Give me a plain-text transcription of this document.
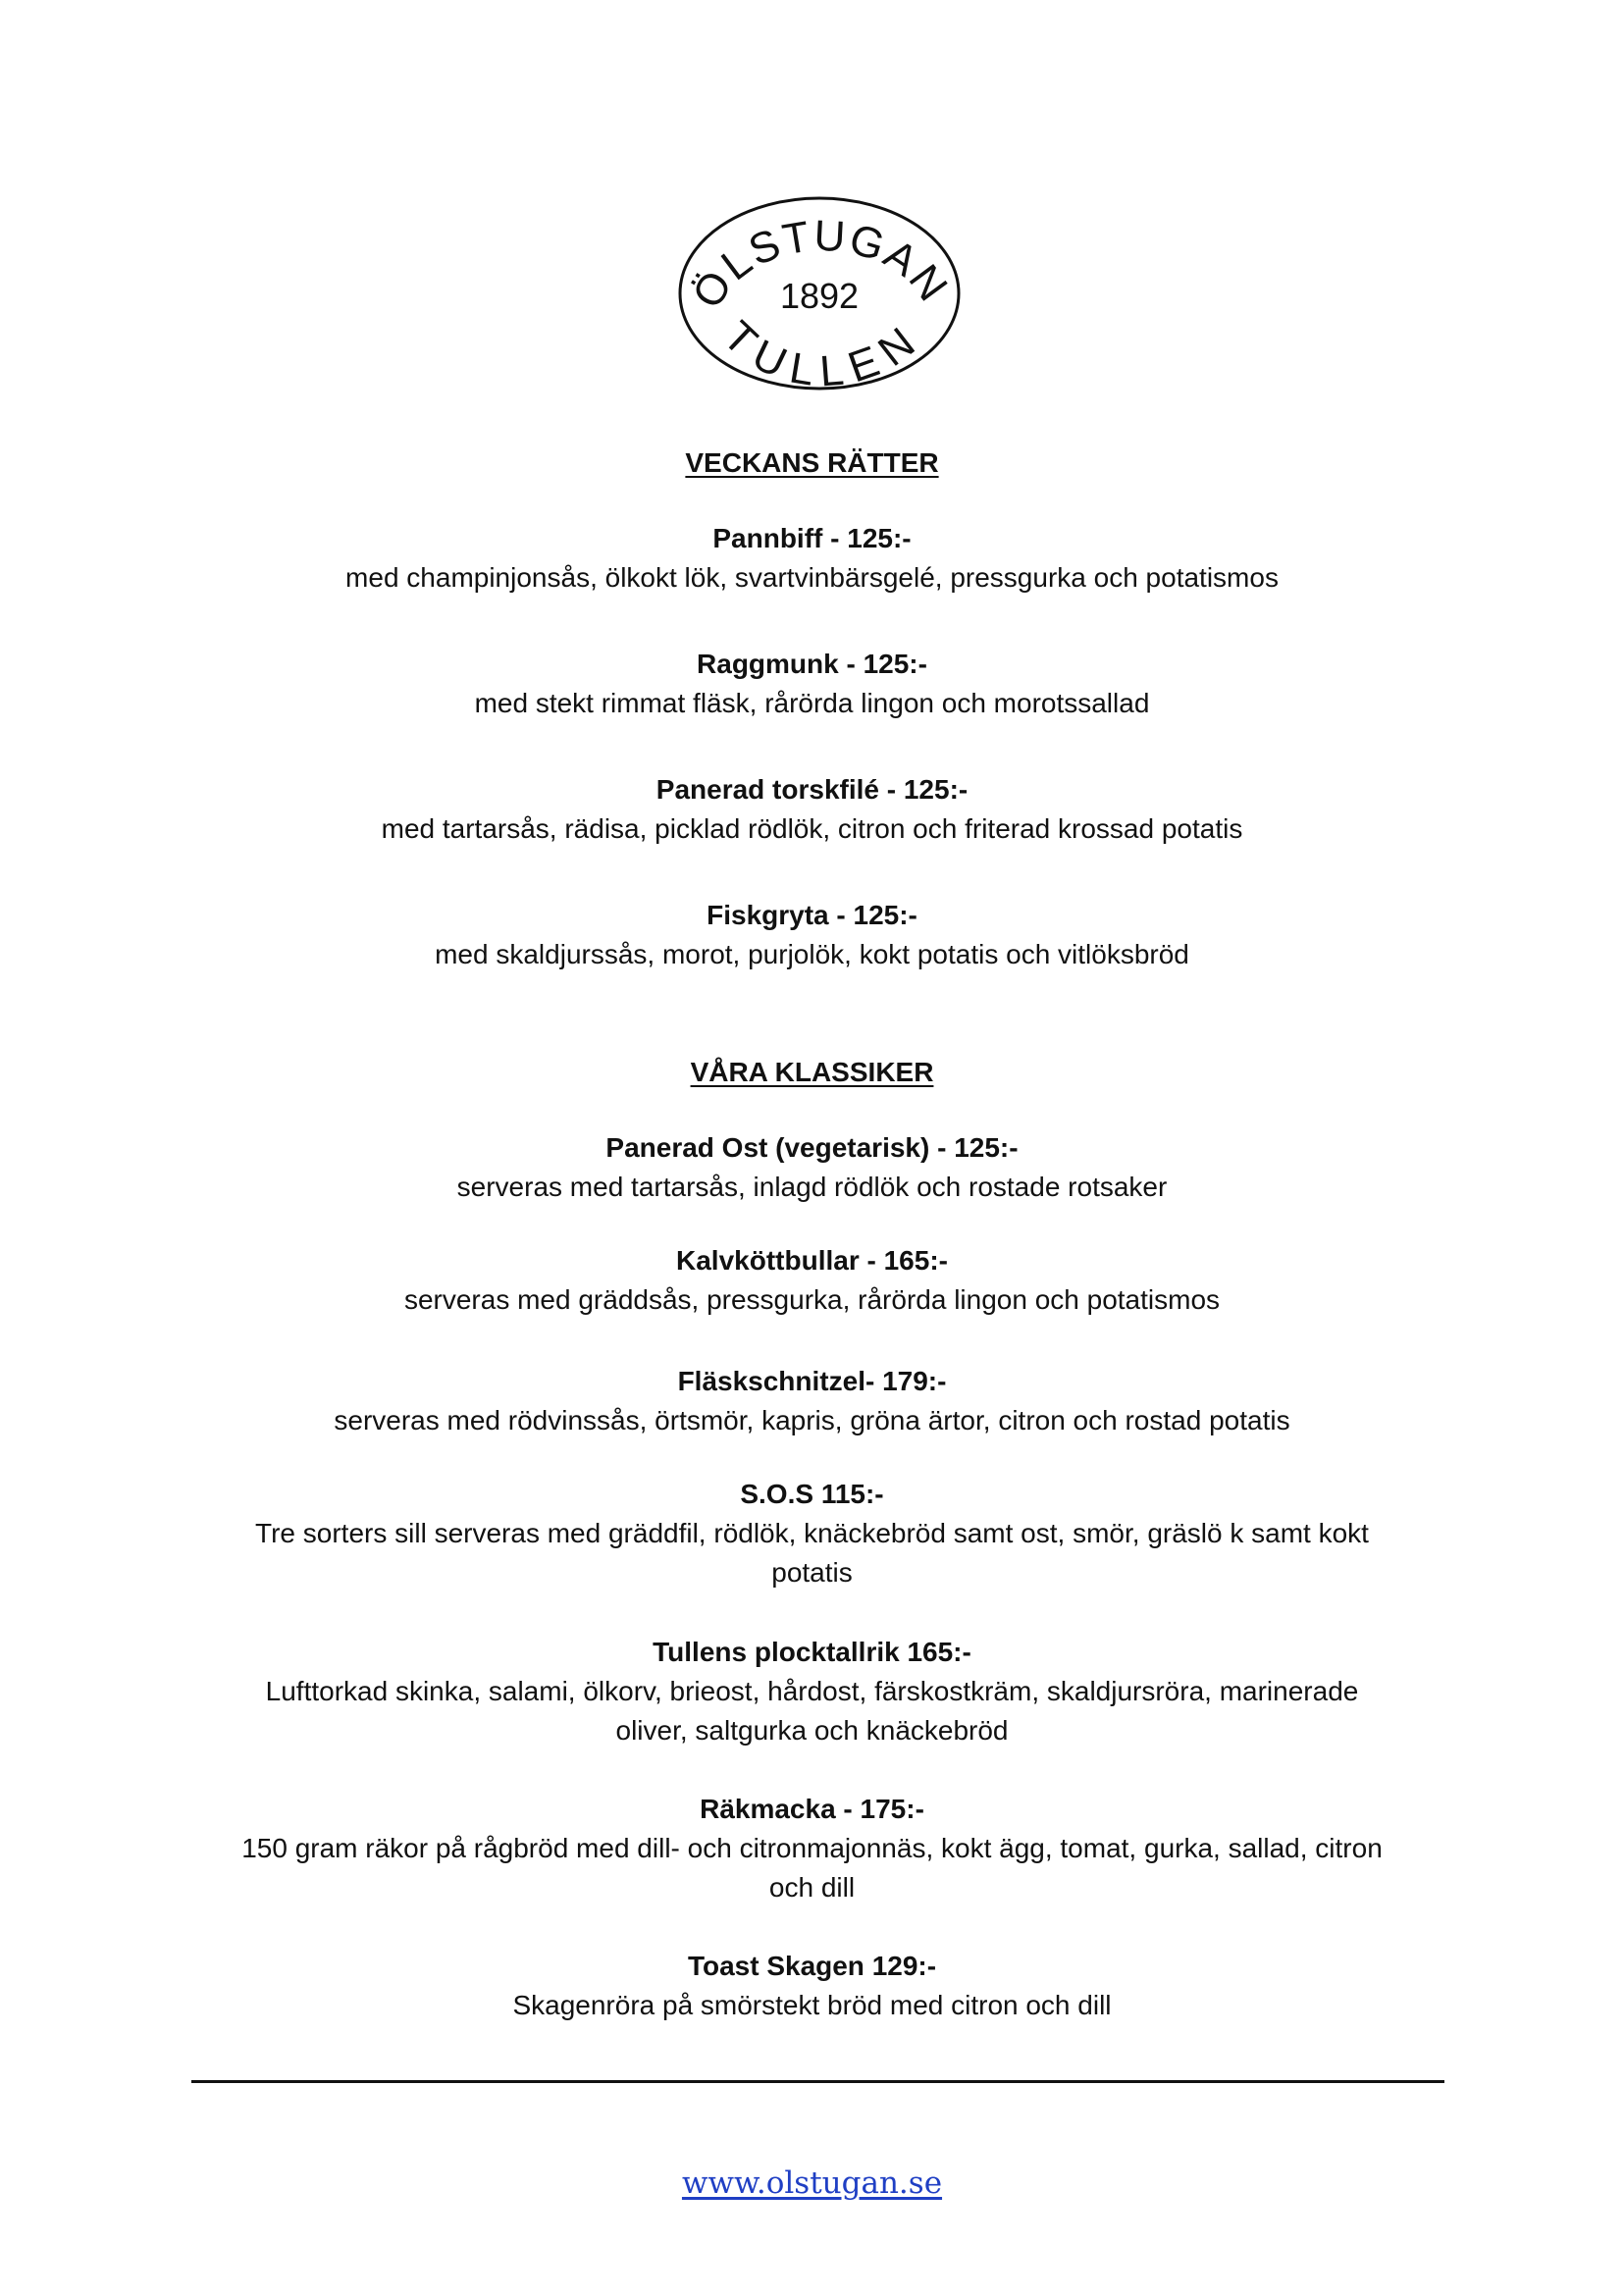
ÖLSTUGAN
1892
TULLEN
VECKANS RÄTTER

Pannbiff - 125:-

med champinjonsås, ölkokt lök, svartvinbärsgelé, pressgurka och potatismos

Raggmunk - 125:-

med stekt rimmat fläsk, rårörda lingon och morotssallad

Panerad torskfilé - 125:-

med tartarsås, rädisa, picklad rödlök, citron och friterad krossad potatis

Fiskgryta - 125:-

med skaldjurssås, morot, purjolök, kokt potatis och vitlöksbröd

VÅRA KLASSIKER

Panerad Ost (vegetarisk) - 125:-

serveras med tartarsås, inlagd rödlök och rostade rotsaker

Kalvköttbullar - 165:-

serveras med gräddsås, pressgurka, rårörda lingon och potatismos

Fläskschnitzel- 179:-

serveras med rödvinssås, örtsmör, kapris, gröna ärtor, citron och rostad potatis

S.O.S 115:-

Tre sorters sill serveras med gräddfil, rödlök, knäckebröd samt ost, smör, gräslö k samt kokt potatis

Tullens plocktallrik 165:-

Lufttorkad skinka, salami, ölkorv, brieost, hårdost, färskostkräm, skaldjursröra, marinerade oliver, saltgurka och knäckebröd

Räkmacka - 175:-

150 gram räkor på rågbröd med dill- och citronmajonnäs, kokt ägg, tomat, gurka, sallad, citron och dill

Toast Skagen 129:-

Skagenröra på smörstekt bröd med citron och dill

www.olstugan.se
